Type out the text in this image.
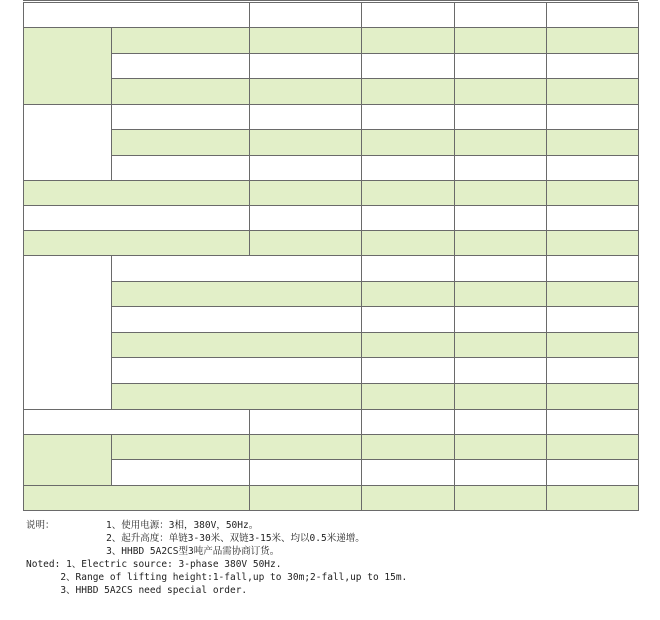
说明：	1、使用电源：3相，380V，50Hz。
2、起升高度：单链3-30米、双链3-15米、均以0.5米递增。
3、HHBD 5A2CS型3吨产品需协商订货。
Noted: 1、Electric source: 3-phase 380V 50Hz.
2、Range of lifting height:1-fall,up to 30m;2-fall,up to 15m.
3、HHBD 5A2CS need special order.
